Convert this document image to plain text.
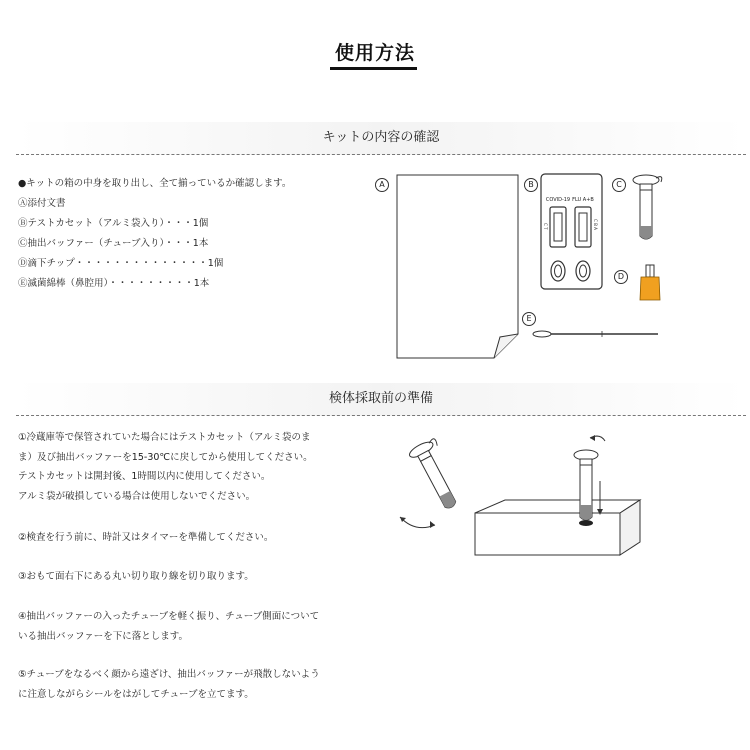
使用方法
キットの内容の確認
●キットの箱の中身を取り出し、全て揃っているか確認します。
Ⓐ添付文書
Ⓑテストカセット（アルミ袋入り）・・・1個
Ⓒ抽出バッファー（チューブ入り）・・・1本
Ⓓ滴下チップ・・・・・・・・・・・・・・1個
Ⓔ滅菌綿棒（鼻腔用）・・・・・・・・・1本
A	B
COVID-19 FLU A+B
C T	C B A
C
D
E
検体採取前の準備
①冷蔵庫等で保管されていた場合にはテストカセット（アルミ袋のま
ま）及び抽出バッファーを15-30℃に戻してから使用してください。
テストカセットは開封後、1時間以内に使用してください。
アルミ袋が破損している場合は使用しないでください。
②検査を行う前に、時計又はタイマーを準備してください。
③おもて面右下にある丸い切り取り線を切り取ります。
④抽出バッファーの入ったチューブを軽く振り、チューブ側面について
いる抽出バッファーを下に落とします。
⑤チューブをなるべく顔から遠ざけ、抽出バッファーが飛散しないよう
に注意しながらシールをはがしてチューブを立てます。
